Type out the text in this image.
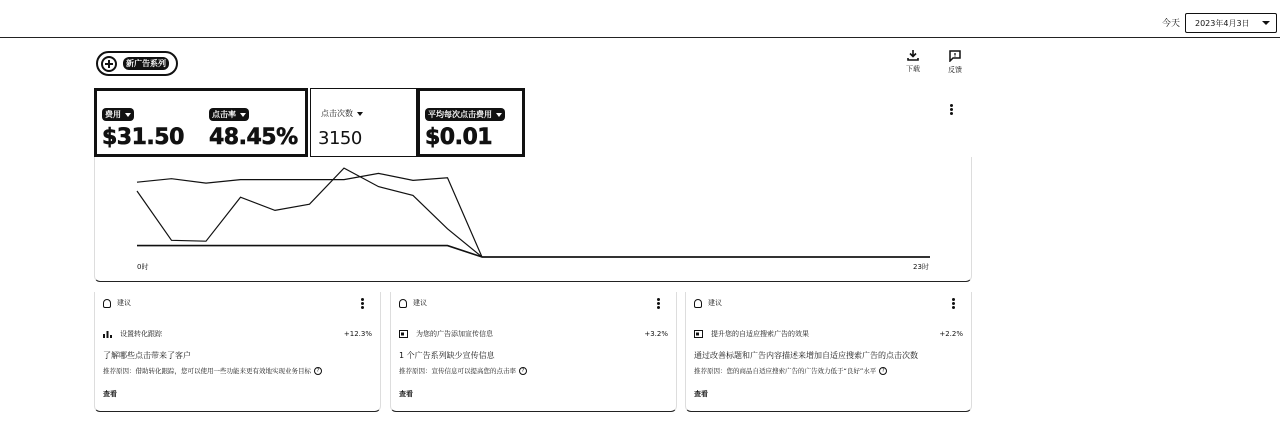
今天 2023年4月3日
新广告系列
下载	反馈
费用
$31.50
点击率
48.45%
点击次数
3150
平均每次点击费用
$0.01
0时	23时
建议
设置转化跟踪	+12.3%
了解哪些点击带来了客户
推荐原因：借助转化跟踪，您可以使用一些功能来更有效地实现业务目标	?
查看
建议
为您的广告添加宣传信息	+3.2%
1 个广告系列缺少宣传信息
推荐原因：宣传信息可以提高您的点击率	?
查看
建议
提升您的自适应搜索广告的效果	+2.2%
通过改善标题和广告内容描述来增加自适应搜索广告的点击次数
推荐原因：您的商品自适应搜索广告的广告效力低于“良好”水平	?
查看
